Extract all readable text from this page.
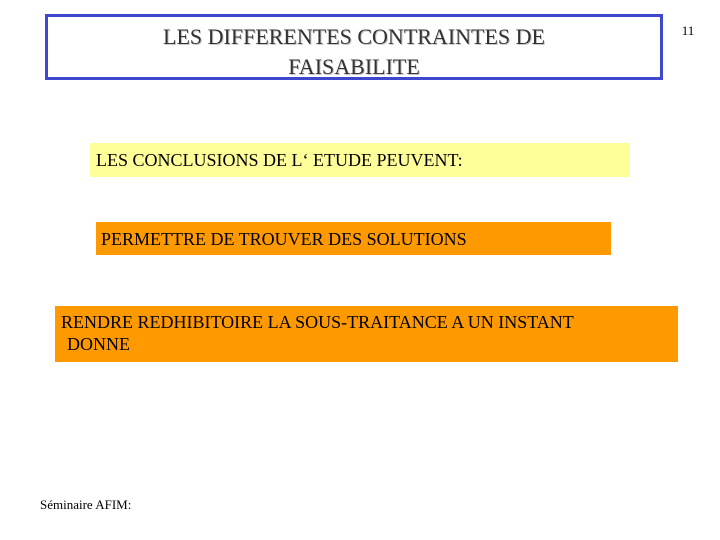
LES DIFFERENTES CONTRAINTES DE
FAISABILITE
11
LES CONCLUSIONS DE L‘ ETUDE PEUVENT:
PERMETTRE DE TROUVER DES SOLUTIONS
RENDRE REDHIBITOIRE LA SOUS-TRAITANCE A UN INSTANT
DONNE
Séminaire AFIM:
